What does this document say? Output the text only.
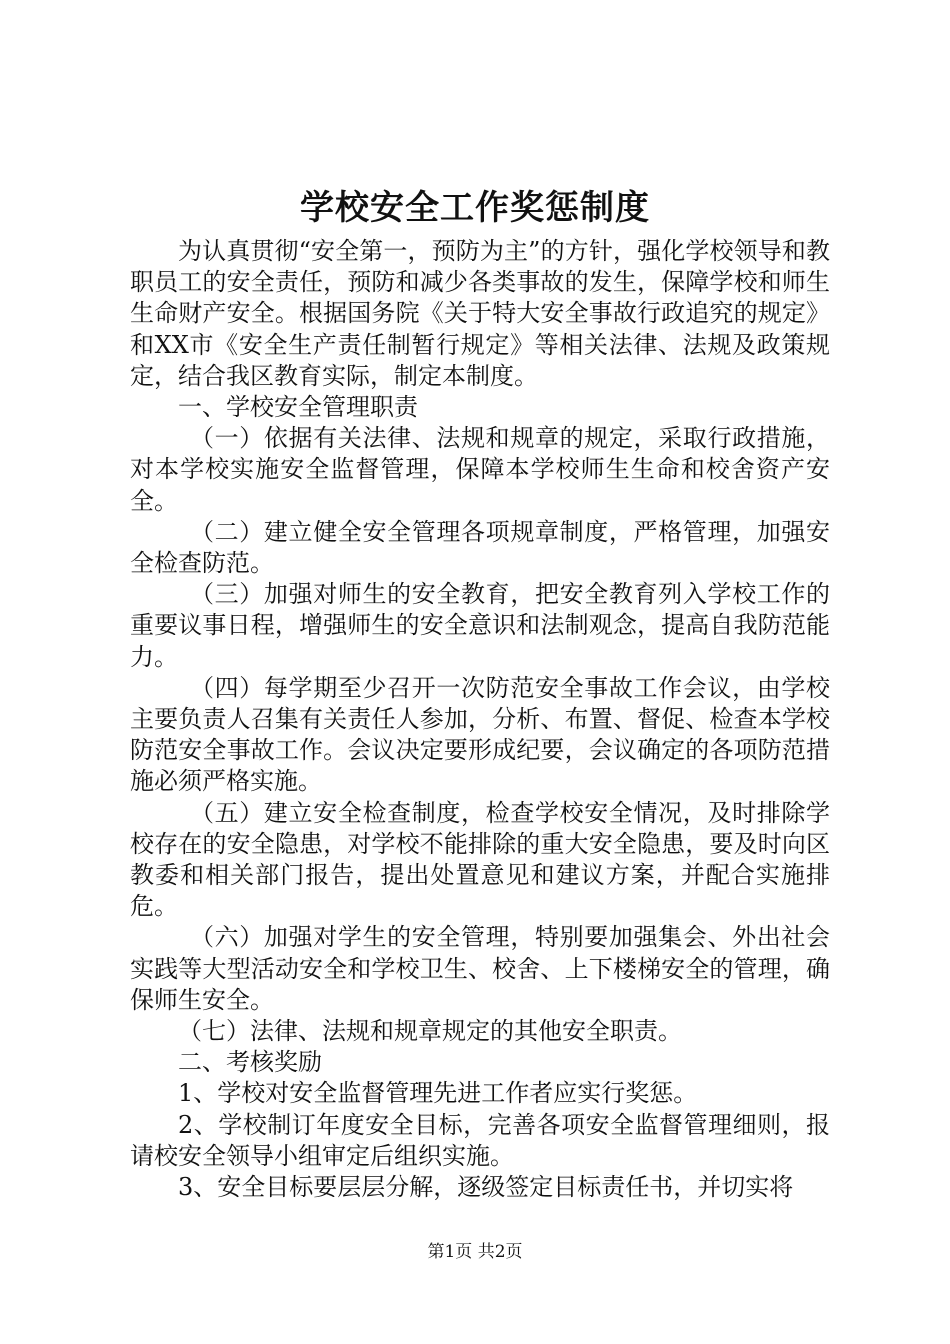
学校安全工作奖惩制度

为认真贯彻“安全第一，预防为主”的方针，强化学校领导和教职员工的安全责任，预防和减少各类事故的发生，保障学校和师生生命财产安全。根据国务院《关于特大安全事故行政追究的规定》和XX市《安全生产责任制暂行规定》等相关法律、法规及政策规定，结合我区教育实际，制定本制度。

一、学校安全管理职责

（一）依据有关法律、法规和规章的规定，采取行政措施，对本学校实施安全监督管理，保障本学校师生生命和校舍资产安全。

（二）建立健全安全管理各项规章制度，严格管理，加强安全检查防范。

（三）加强对师生的安全教育，把安全教育列入学校工作的重要议事日程，增强师生的安全意识和法制观念，提高自我防范能力。

（四）每学期至少召开一次防范安全事故工作会议，由学校主要负责人召集有关责任人参加，分析、布置、督促、检查本学校防范安全事故工作。会议决定要形成纪要，会议确定的各项防范措施必须严格实施。

（五）建立安全检查制度，检查学校安全情况，及时排除学校存在的安全隐患，对学校不能排除的重大安全隐患，要及时向区教委和相关部门报告，提出处置意见和建议方案，并配合实施排危。

（六）加强对学生的安全管理，特别要加强集会、外出社会实践等大型活动安全和学校卫生、校舍、上下楼梯安全的管理，确保师生安全。

（七）法律、法规和规章规定的其他安全职责。

二、考核奖励

1、学校对安全监督管理先进工作者应实行奖惩。

2、学校制订年度安全目标，完善各项安全监督管理细则，报请校安全领导小组审定后组织实施。

3、安全目标要层层分解，逐级签定目标责任书，并切实将

第1页 共2页
